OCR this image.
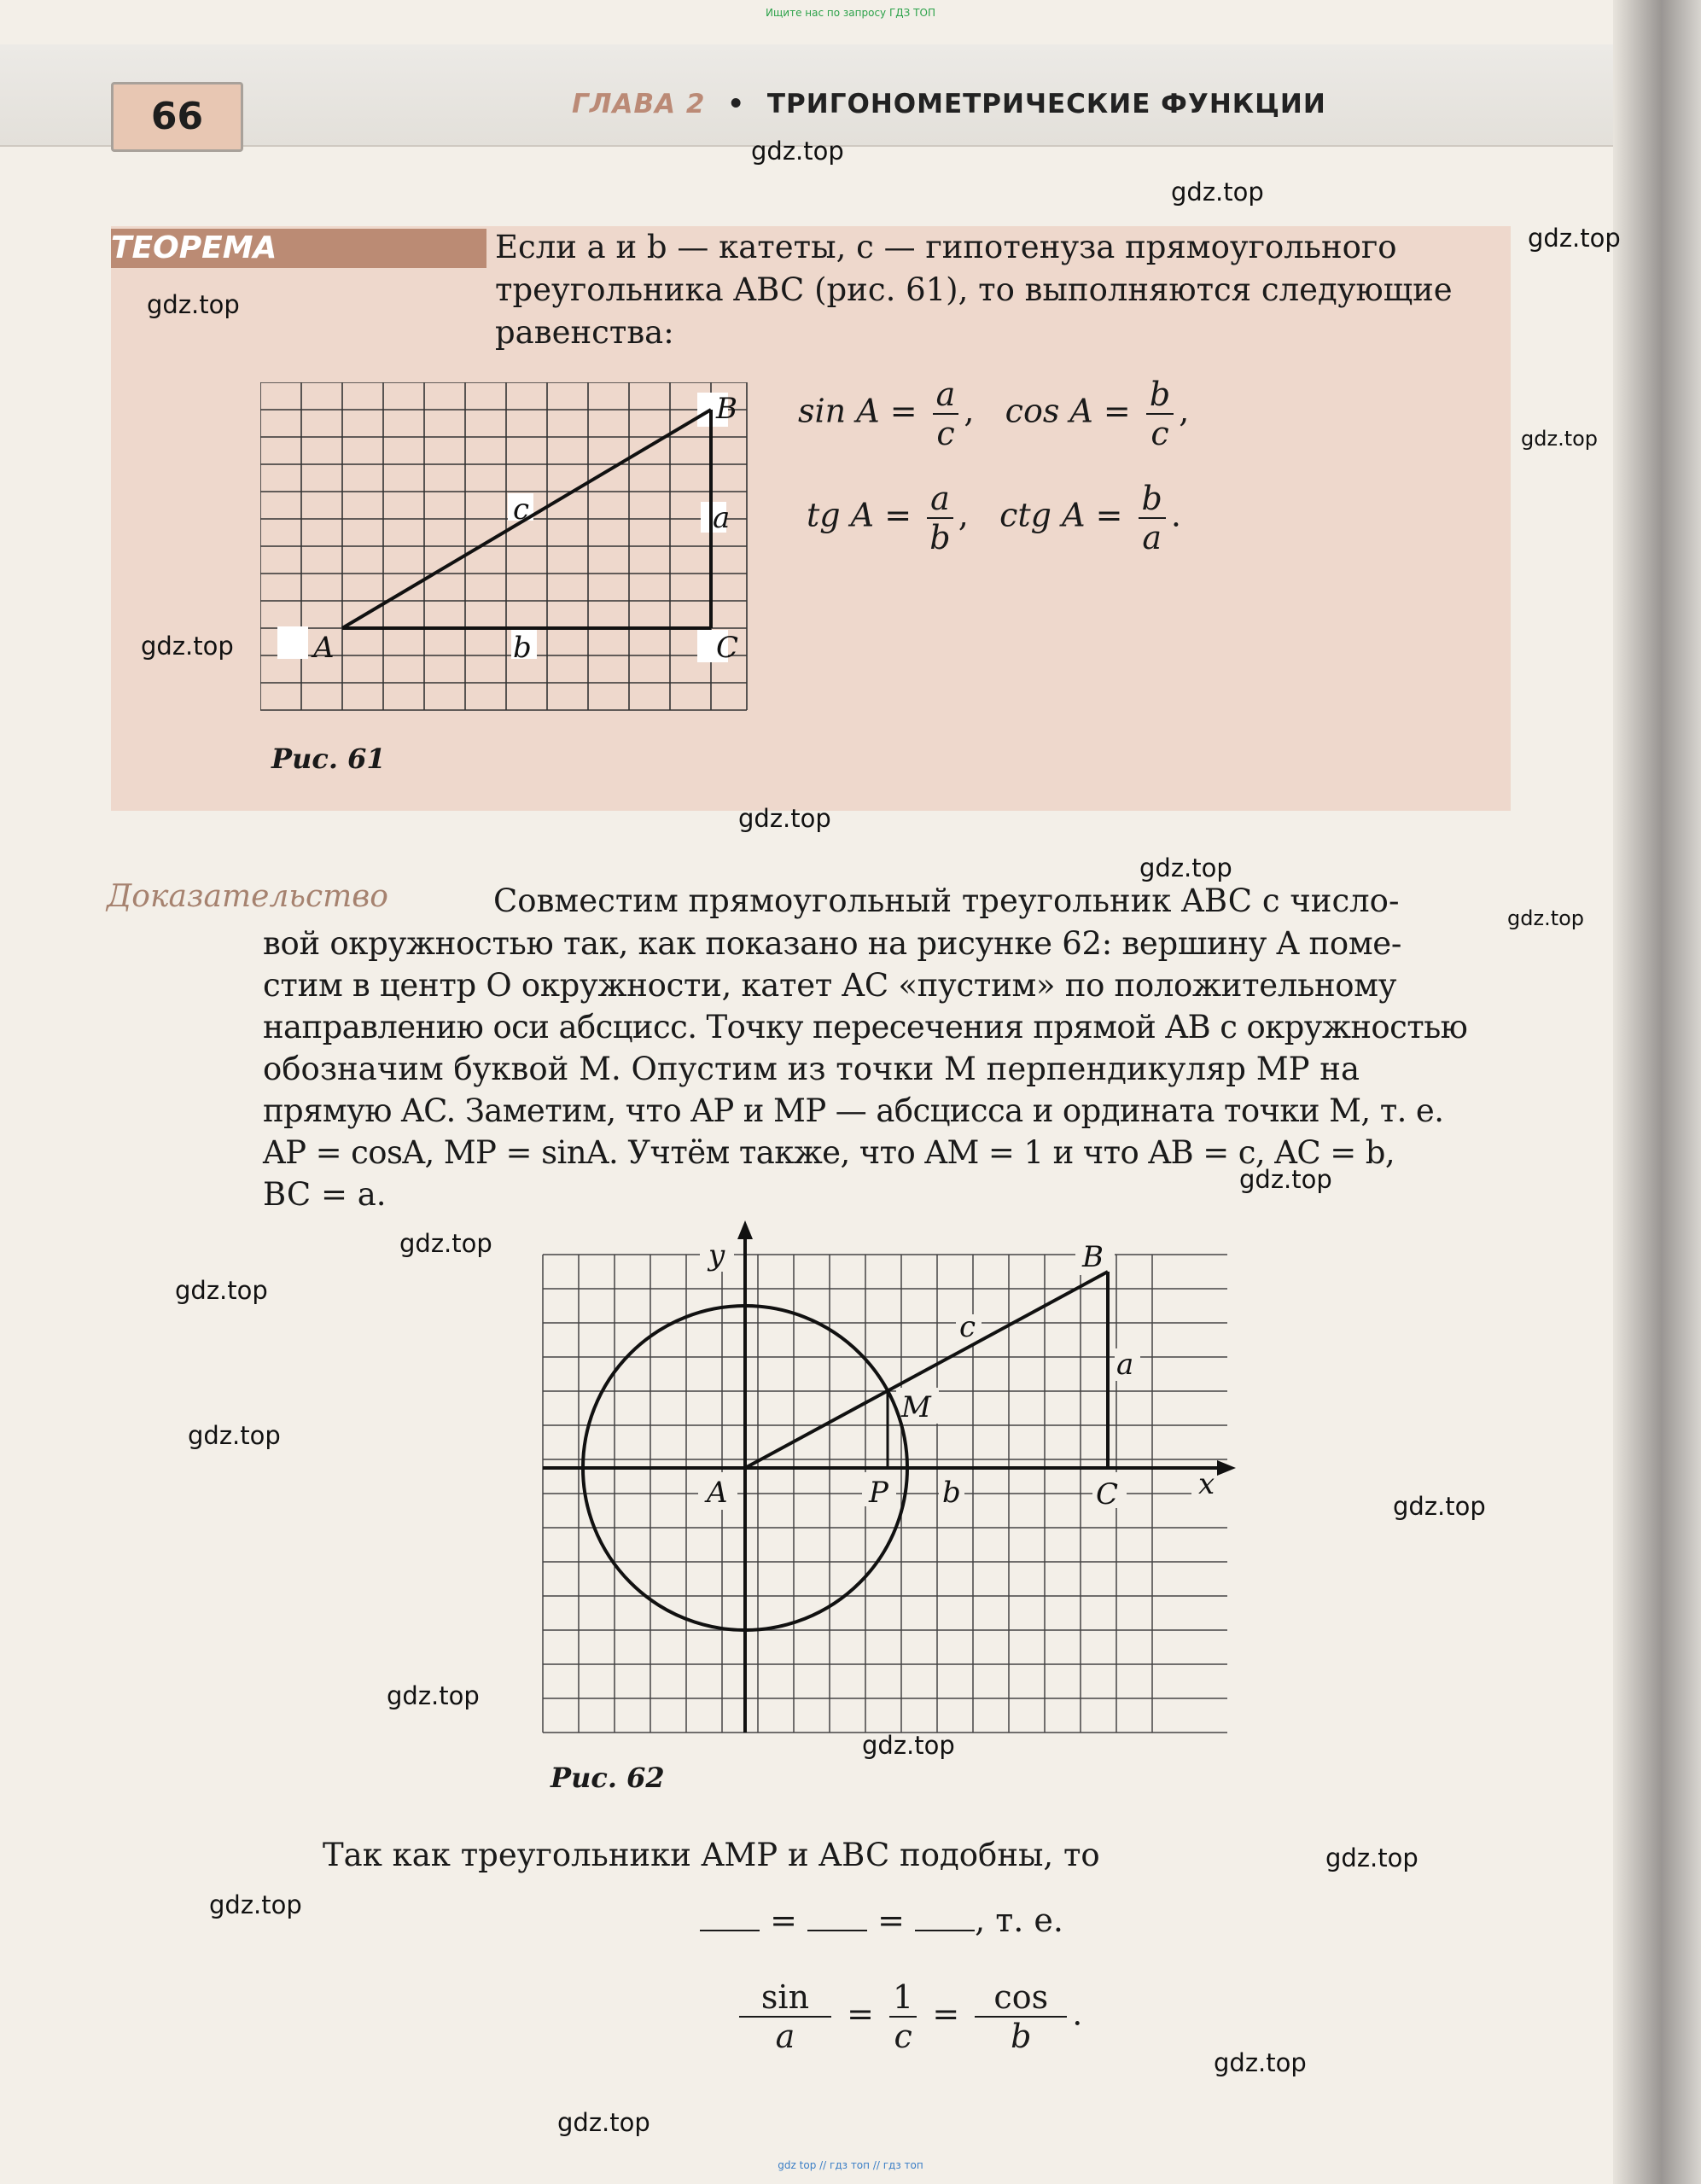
Ищите нас по запросу ГДЗ ТОП
66	ГЛАВА 2 • ТРИГОНОМЕТРИЧЕСКИЕ ФУНКЦИИ
ТЕОРЕМА	Если a и b — катеты, c — гипотенуза прямоугольного
треугольника ABC (рис. 61), то выполняются следующие
равенства:
A	b	C
B
a
c
Рис. 61
$\sin A = \frac{a}{c}$ ,   $\cos A = \frac{b}{c}$ ,
tg $A = \frac{a}{b}$ ,   ctg $A = \frac{b}{a}$ .
Доказательство	Совместим прямоугольный треугольник ABC с число-
вой окружностью так, как показано на рисунке 62: вершину A поме-
стим в центр O окружности, катет AC «пустим» по положительному
направлению оси абсцисс. Точку пересечения прямой AB с окружностью
обозначим буквой M. Опустим из точки M перпендикуляр MP на
прямую AC. Заметим, что AP и MP — абсцисса и ордината точки M, т. е.
AP = cosA, MP = sinA. Учтём также, что AM = 1 и что AB = c, AC = b,
BC = a.
y
x
A	P b	C
M
B
a
c
Рис. 62
Так как треугольники AMP и ABC подобны, то
= = , т. е.
$\frac{\sin}{a} = \frac{1}{c} = \frac{\cos}{b}$ .
gdz.top
gdz.top
gdz.top
gdz.top
gdz.top
gdz.top
gdz.top
gdz.top
gdz.top
gdz.top
gdz.top
gdz.top
gdz.top
gdz.top
gdz.top
gdz.top
gdz.top
gdz.top
gdz.top
gdz.top
gdz top // гдз топ // гдз топ
